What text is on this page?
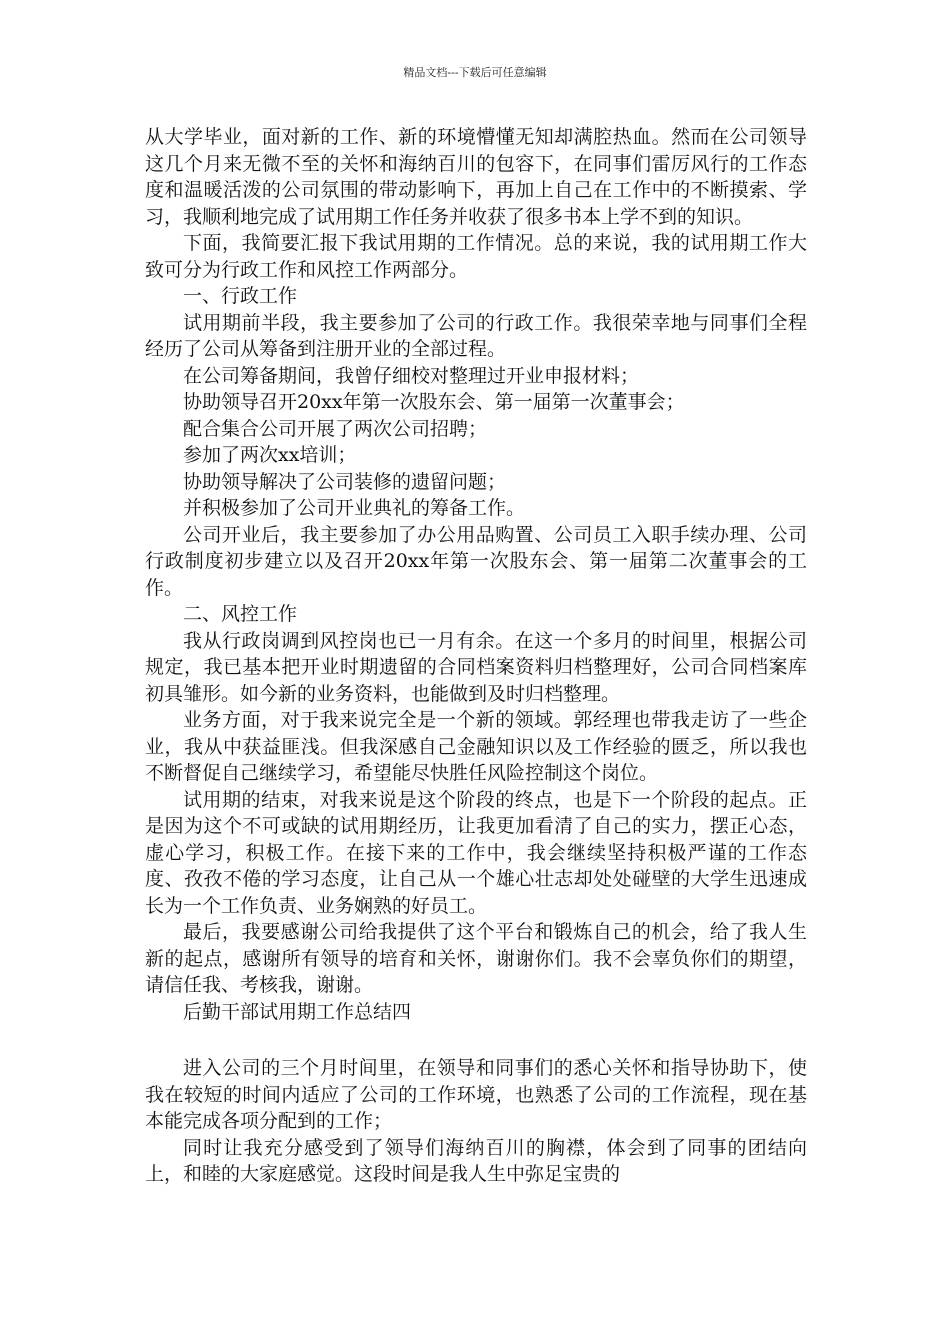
精品文档---下载后可任意编辑

从大学毕业，面对新的工作、新的环境懵懂无知却满腔热血。然而在公司领导这几个月来无微不至的关怀和海纳百川的包容下，在同事们雷厉风行的工作态度和温暖活泼的公司氛围的带动影响下，再加上自己在工作中的不断摸索、学习，我顺利地完成了试用期工作任务并收获了很多书本上学不到的知识。

下面，我简要汇报下我试用期的工作情况。总的来说，我的试用期工作大致可分为行政工作和风控工作两部分。

一、行政工作

试用期前半段，我主要参加了公司的行政工作。我很荣幸地与同事们全程经历了公司从筹备到注册开业的全部过程。

在公司筹备期间，我曾仔细校对整理过开业申报材料；

协助领导召开20xx年第一次股东会、第一届第一次董事会；

配合集合公司开展了两次公司招聘；

参加了两次xx培训；

协助领导解决了公司装修的遗留问题；

并积极参加了公司开业典礼的筹备工作。

公司开业后，我主要参加了办公用品购置、公司员工入职手续办理、公司行政制度初步建立以及召开20xx年第一次股东会、第一届第二次董事会的工作。

二、风控工作

我从行政岗调到风控岗也已一月有余。在这一个多月的时间里，根据公司规定，我已基本把开业时期遗留的合同档案资料归档整理好，公司合同档案库初具雏形。如今新的业务资料，也能做到及时归档整理。

业务方面，对于我来说完全是一个新的领域。郭经理也带我走访了一些企业，我从中获益匪浅。但我深感自己金融知识以及工作经验的匮乏，所以我也不断督促自己继续学习，希望能尽快胜任风险控制这个岗位。

试用期的结束，对我来说是这个阶段的终点，也是下一个阶段的起点。正是因为这个不可或缺的试用期经历，让我更加看清了自己的实力，摆正心态，虚心学习，积极工作。在接下来的工作中，我会继续坚持积极严谨的工作态度、孜孜不倦的学习态度，让自己从一个雄心壮志却处处碰壁的大学生迅速成长为一个工作负责、业务娴熟的好员工。

最后，我要感谢公司给我提供了这个平台和锻炼自己的机会，给了我人生新的起点，感谢所有领导的培育和关怀，谢谢你们。我不会辜负你们的期望，请信任我、考核我，谢谢。

后勤干部试用期工作总结四

进入公司的三个月时间里，在领导和同事们的悉心关怀和指导协助下，使我在较短的时间内适应了公司的工作环境，也熟悉了公司的工作流程，现在基本能完成各项分配到的工作；

同时让我充分感受到了领导们海纳百川的胸襟，体会到了同事的团结向上，和睦的大家庭感觉。这段时间是我人生中弥足宝贵的
